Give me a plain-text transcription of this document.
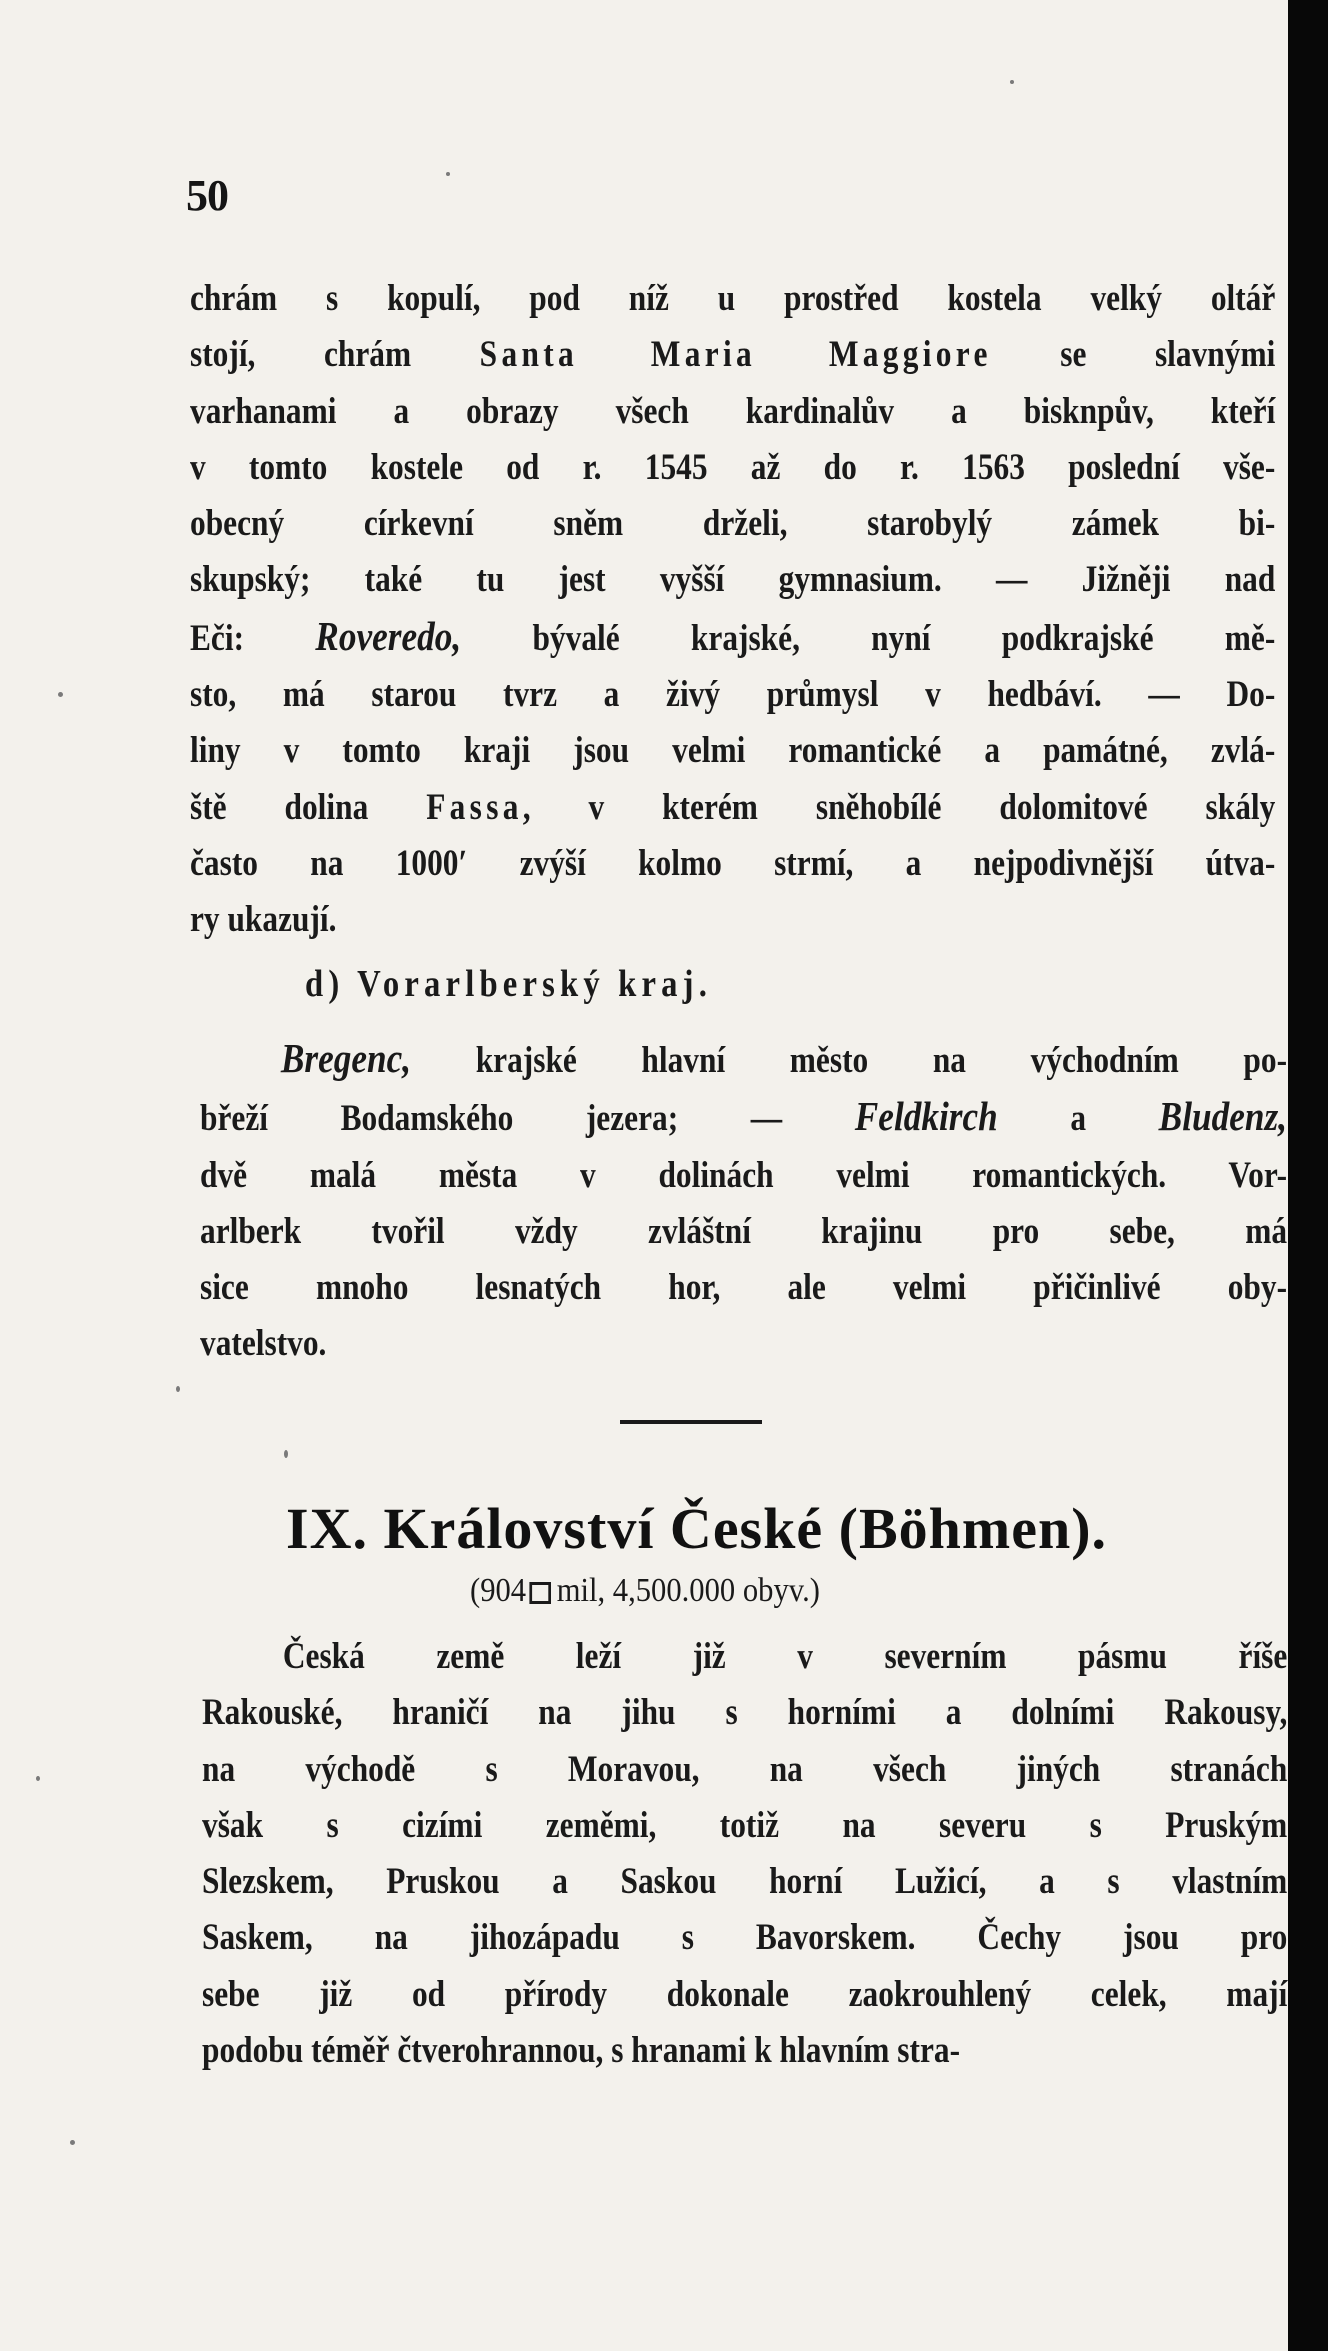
50
chrám s kopulí, pod níž u prostřed kostela velký oltář
stojí, chrám Santa Maria Maggiore se slavnými
varhanami a obrazy všech kardinalův a bisknpův, kteří
v tomto kostele od r. 1545 až do r. 1563 poslední vše-
obecný církevní sněm drželi, starobylý zámek bi-
skupský; také tu jest vyšší gymnasium. — Jižněji nad
Eči: Roveredo, bývalé krajské, nyní podkrajské mě-
sto, má starou tvrz a živý průmysl v hedbáví. — Do-
liny v tomto kraji jsou velmi romantické a památné, zvlá-
ště dolina Fassa, v kterém sněhobílé dolomitové skály
často na 1000ʹ zvýší kolmo strmí, a nejpodivnější útva-
ry ukazují.
d) Vorarlberský kraj.
Bregenc, krajské hlavní město na východním po-
břeží Bodamského jezera; — Feldkirch a Bludenz,
dvě malá města v dolinách velmi romantických. Vor-
arlberk tvořil vždy zvláštní krajinu pro sebe, má
sice mnoho lesnatých hor, ale velmi přičinlivé oby-
vatelstvo.
IX. Království České (Böhmen).
(904 mil, 4,500.000 obyv.)
Česká země leží již v severním pásmu říše
Rakouské, hraničí na jihu s horními a dolními Rakousy,
na východě s Moravou, na všech jiných stranách
však s cizími zeměmi, totiž na severu s Pruským
Slezskem, Pruskou a Saskou horní Lužicí, a s vlastním
Saskem, na jihozápadu s Bavorskem. Čechy jsou pro
sebe již od přírody dokonale zaokrouhlený celek, mají
podobu téměř čtverohrannou, s hranami k hlavním stra-
